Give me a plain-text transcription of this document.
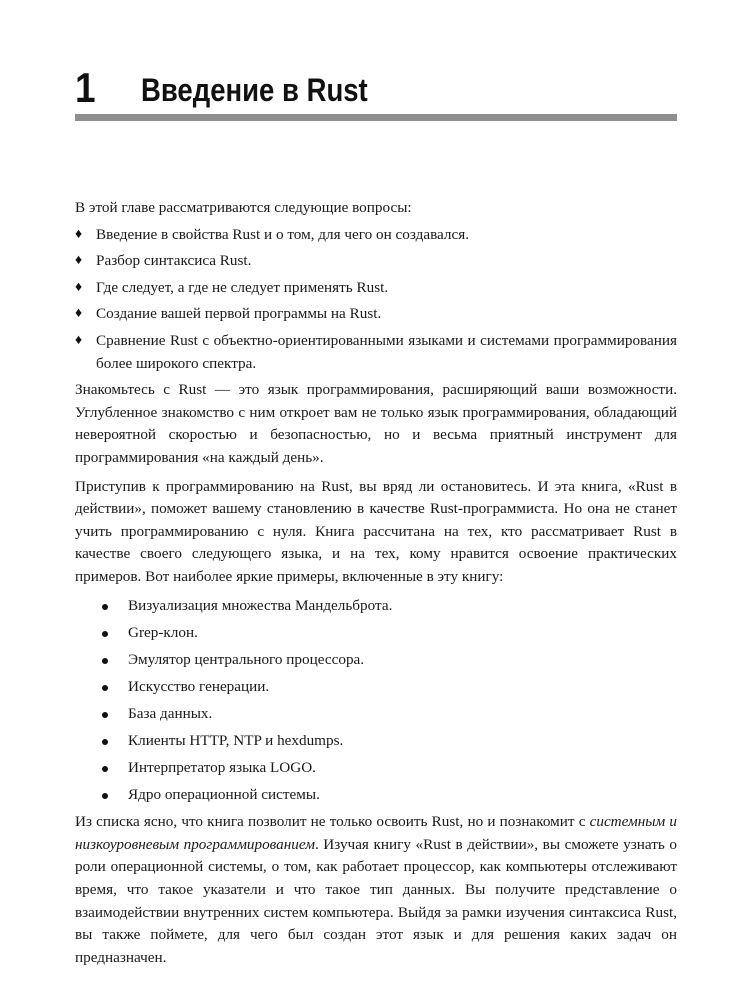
1 Введение в Rust

В этой главе рассматриваются следующие вопросы:

♦ Введение в свойства Rust и о том, для чего он создавался.
♦ Разбор синтаксиса Rust.
♦ Где следует, а где не следует применять Rust.
♦ Создание вашей первой программы на Rust.
♦ Сравнение Rust с объектно-ориентированными языками и системами программирования более широкого спектра.

Знакомьтесь с Rust — это язык программирования, расширяющий ваши возможности. Углубленное знакомство с ним откроет вам не только язык программирования, обладающий невероятной скоростью и безопасностью, но и весьма приятный инструмент для программирования «на каждый день».

Приступив к программированию на Rust, вы вряд ли остановитесь. И эта книга, «Rust в действии», поможет вашему становлению в качестве Rust-программиста. Но она не станет учить программированию с нуля. Книга рассчитана на тех, кто рассматривает Rust в качестве своего следующего языка, и на тех, кому нравится освоение практических примеров. Вот наиболее яркие примеры, включенные в эту книгу:

Визуализация множества Мандельброта.
Grep-клон.
Эмулятор центрального процессора.
Искусство генерации.
База данных.
Клиенты HTTP, NTP и hexdumps.
Интерпретатор языка LOGO.
Ядро операционной системы.

Из списка ясно, что книга позволит не только освоить Rust, но и познакомит с системным и низкоуровневым программированием. Изучая книгу «Rust в действии», вы сможете узнать о роли операционной системы, о том, как работает процессор, как компьютеры отслеживают время, что такое указатели и что такое тип данных. Вы получите представление о взаимодействии внутренних систем компьютера. Выйдя за рамки изучения синтаксиса Rust, вы также поймете, для чего был создан этот язык и для решения каких задач он предназначен.
